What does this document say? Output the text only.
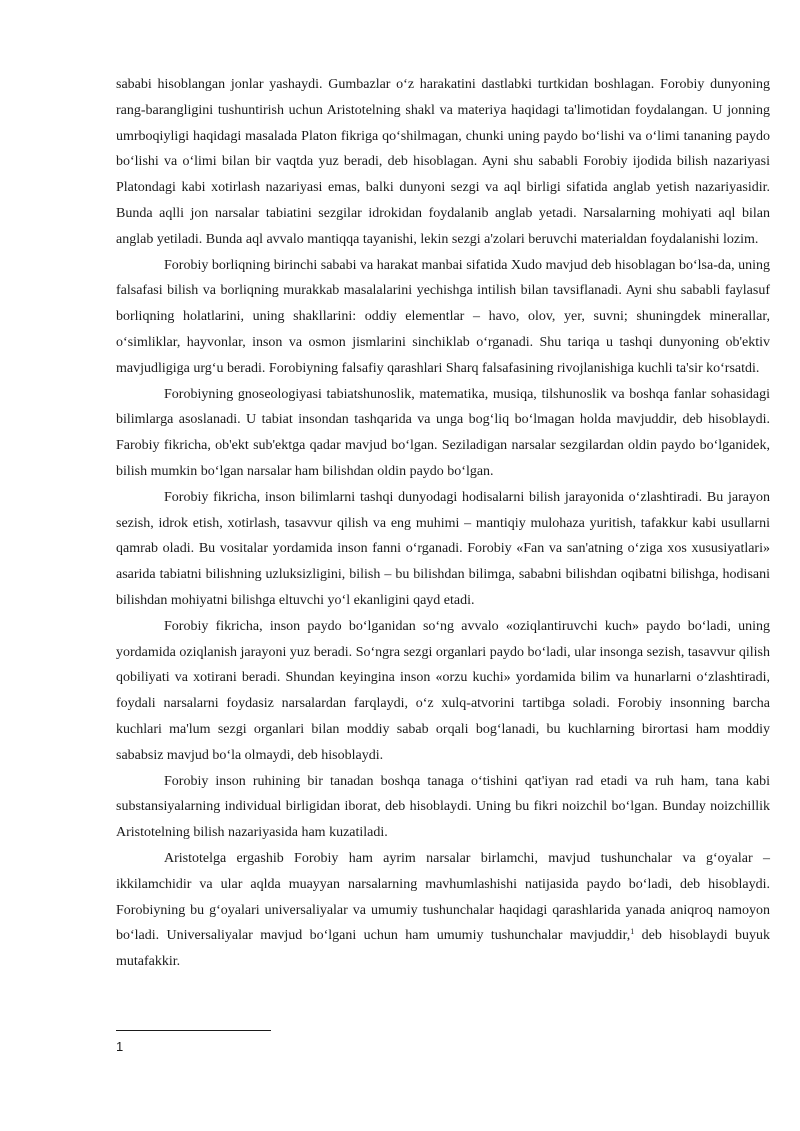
sababi hisoblangan jonlar yashaydi. Gumbazlar o‘z harakatini dastlabki turtkidan boshlagan. Forobiy dunyoning rang-barangligini tushuntirish uchun Aristotelning shakl va materiya haqidagi ta'limotidan foydalangan. U jonning umrboqiyligi haqidagi masalada Platon fikriga qo‘shilmagan, chunki uning paydo bo‘lishi va o‘limi tananing paydo bo‘lishi va o‘limi bilan bir vaqtda yuz beradi, deb hisoblagan. Ayni shu sababli Forobiy ijodida bilish nazariyasi Platondagi kabi xotirlash nazariyasi emas, balki dunyoni sezgi va aql birligi sifatida anglab yetish nazariyasidir. Bunda aqlli jon narsalar tabiatini sezgilar idrokidan foydalanib anglab yetadi. Narsalarning mohiyati aql bilan anglab yetiladi. Bunda aql avvalo mantiqqa tayanishi, lekin sezgi a'zolari beruvchi materialdan foydalanishi lozim.

Forobiy borliqning birinchi sababi va harakat manbai sifatida Xudo mavjud deb hisoblagan bo‘lsa-da, uning falsafasi bilish va borliqning murakkab masalalarini yechishga intilish bilan tavsiflanadi. Ayni shu sababli faylasuf borliqning holatlarini, uning shakllarini: oddiy elementlar – havo, olov, yer, suvni; shuningdek minerallar, o‘simliklar, hayvonlar, inson va osmon jismlarini sinchiklab o‘rganadi. Shu tariqa u tashqi dunyoning ob'ektiv mavjudligiga urg‘u beradi. Forobiyning falsafiy qarashlari Sharq falsafasining rivojlanishiga kuchli ta'sir ko‘rsatdi.

Forobiyning gnoseologiyasi tabiatshunoslik, matematika, musiqa, tilshunoslik va boshqa fanlar sohasidagi bilimlarga asoslanadi. U tabiat insondan tashqarida va unga bog‘liq bo‘lmagan holda mavjuddir, deb hisoblaydi. Farobiy fikricha, ob'ekt sub'ektga qadar mavjud bo‘lgan. Seziladigan narsalar sezgilardan oldin paydo bo‘lganidek, bilish mumkin bo‘lgan narsalar ham bilishdan oldin paydo bo‘lgan.

Forobiy fikricha, inson bilimlarni tashqi dunyodagi hodisalarni bilish jarayonida o‘zlashtiradi. Bu jarayon sezish, idrok etish, xotirlash, tasavvur qilish va eng muhimi – mantiqiy mulohaza yuritish, tafakkur kabi usullarni qamrab oladi. Bu vositalar yordamida inson fanni o‘rganadi. Forobiy «Fan va san'atning o‘ziga xos xususiyatlari» asarida tabiatni bilishning uzluksizligini, bilish – bu bilishdan bilimga, sababni bilishdan oqibatni bilishga, hodisani bilishdan mohiyatni bilishga eltuvchi yo‘l ekanligini qayd etadi.

Forobiy fikricha, inson paydo bo‘lganidan so‘ng avvalo «oziqlantiruvchi kuch» paydo bo‘ladi, uning yordamida oziqlanish jarayoni yuz beradi. So‘ngra sezgi organlari paydo bo‘ladi, ular insonga sezish, tasavvur qilish qobiliyati va xotirani beradi. Shundan keyingina inson «orzu kuchi» yordamida bilim va hunarlarni o‘zlashtiradi, foydali narsalarni foydasiz narsalardan farqlaydi, o‘z xulq-atvorini tartibga soladi. Forobiy insonning barcha kuchlari ma'lum sezgi organlari bilan moddiy sabab orqali bog‘lanadi, bu kuchlarning birortasi ham moddiy sababsiz mavjud bo‘la olmaydi, deb hisoblaydi.

Forobiy inson ruhining bir tanadan boshqa tanaga o‘tishini qat'iyan rad etadi va ruh ham, tana kabi substansiyalarning individual birligidan iborat, deb hisoblaydi. Uning bu fikri noizchil bo‘lgan. Bunday noizchillik Aristotelning bilish nazariyasida ham kuzatiladi.

Aristotelga ergashib Forobiy ham ayrim narsalar birlamchi, mavjud tushunchalar va g‘oyalar – ikkilamchidir va ular aqlda muayyan narsalarning mavhumlashishi natijasida paydo bo‘ladi, deb hisoblaydi. Forobiyning bu g‘oyalari universaliyalar va umumiy tushunchalar haqidagi qarashlarida yanada aniqroq namoyon bo‘ladi. Universaliyalar mavjud bo‘lgani uchun ham umumiy tushunchalar mavjuddir,$^1$ deb hisoblaydi buyuk mutafakkir.

1
